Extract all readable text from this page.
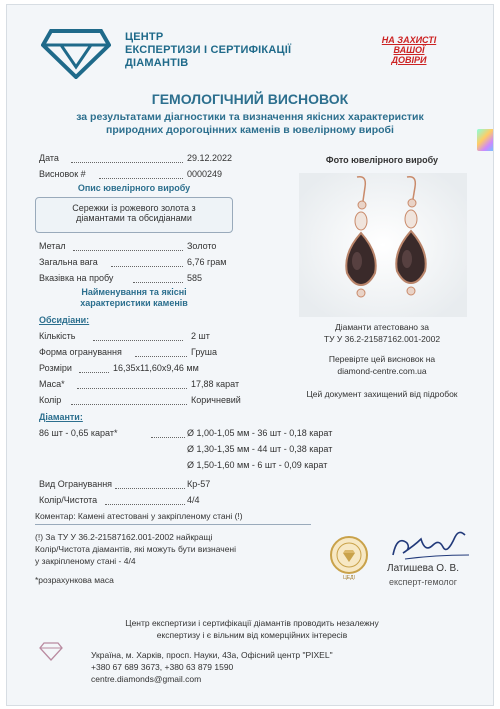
ЦЕНТР
ЕКСПЕРТИЗИ І СЕРТИФІКАЦІЇ
ДІАМАНТІВ
НА ЗАХИСТІ
ВАШОЇ
ДОВІРИ
ГЕМОЛОГІЧНИЙ ВИСНОВОК
за результатами діагностики та визначення якісних характеристик
природних дорогоцінних каменів в ювелірному виробі
Дата	29.12.2022
Висновок #	0000249
Опис ювелірного виробу
Сережки із рожевого золота з
діамантами та обсидіанами
Метал	Золото
Загальна вага	6,76 грам
Вказівка на пробу	585
Найменування та якісні
характеристики каменів
Обсидіани:
Кількість	2 шт
Форма огранування	Груша
Розміри	16,35x11,60x9,46 мм
Маса*	17,88 карат
Колір	Коричневий
Діаманти:
86 шт - 0,65 карат*	Ø 1,00-1,05 мм - 36 шт - 0,18 карат
Ø 1,30-1,35 мм - 44 шт - 0,38 карат
Ø 1,50-1,60 мм - 6 шт - 0,09 карат
Вид Огранування	Кр-57
Колір/Чистота	4/4
Коментар: Камені атестовані у закріпленому стані (!)
(!) За ТУ У 36.2-21587162.001-2002 найкращі
Колір/Чистота діамантів, які можуть бути визначені
у закріпленому стані - 4/4
*розрахункова маса
Фото ювелірного виробу
Діаманти атестовано за
ТУ У 36.2-21587162.001-2002
Перевірте цей висновок на
diamond-centre.com.ua
Цей документ захищений від підробок
ЦЕДІ
Латишева О. В.
експерт-гемолог
Центр експертизи і сертифікації діамантів проводить незалежну
експертизу і є вільним від комерційних інтересів
Україна, м. Харків, просп. Науки, 43а, Офісний центр "PIXEL"
+380 67 689 3673, +380 63 879 1590
centre.diamonds@gmail.com
